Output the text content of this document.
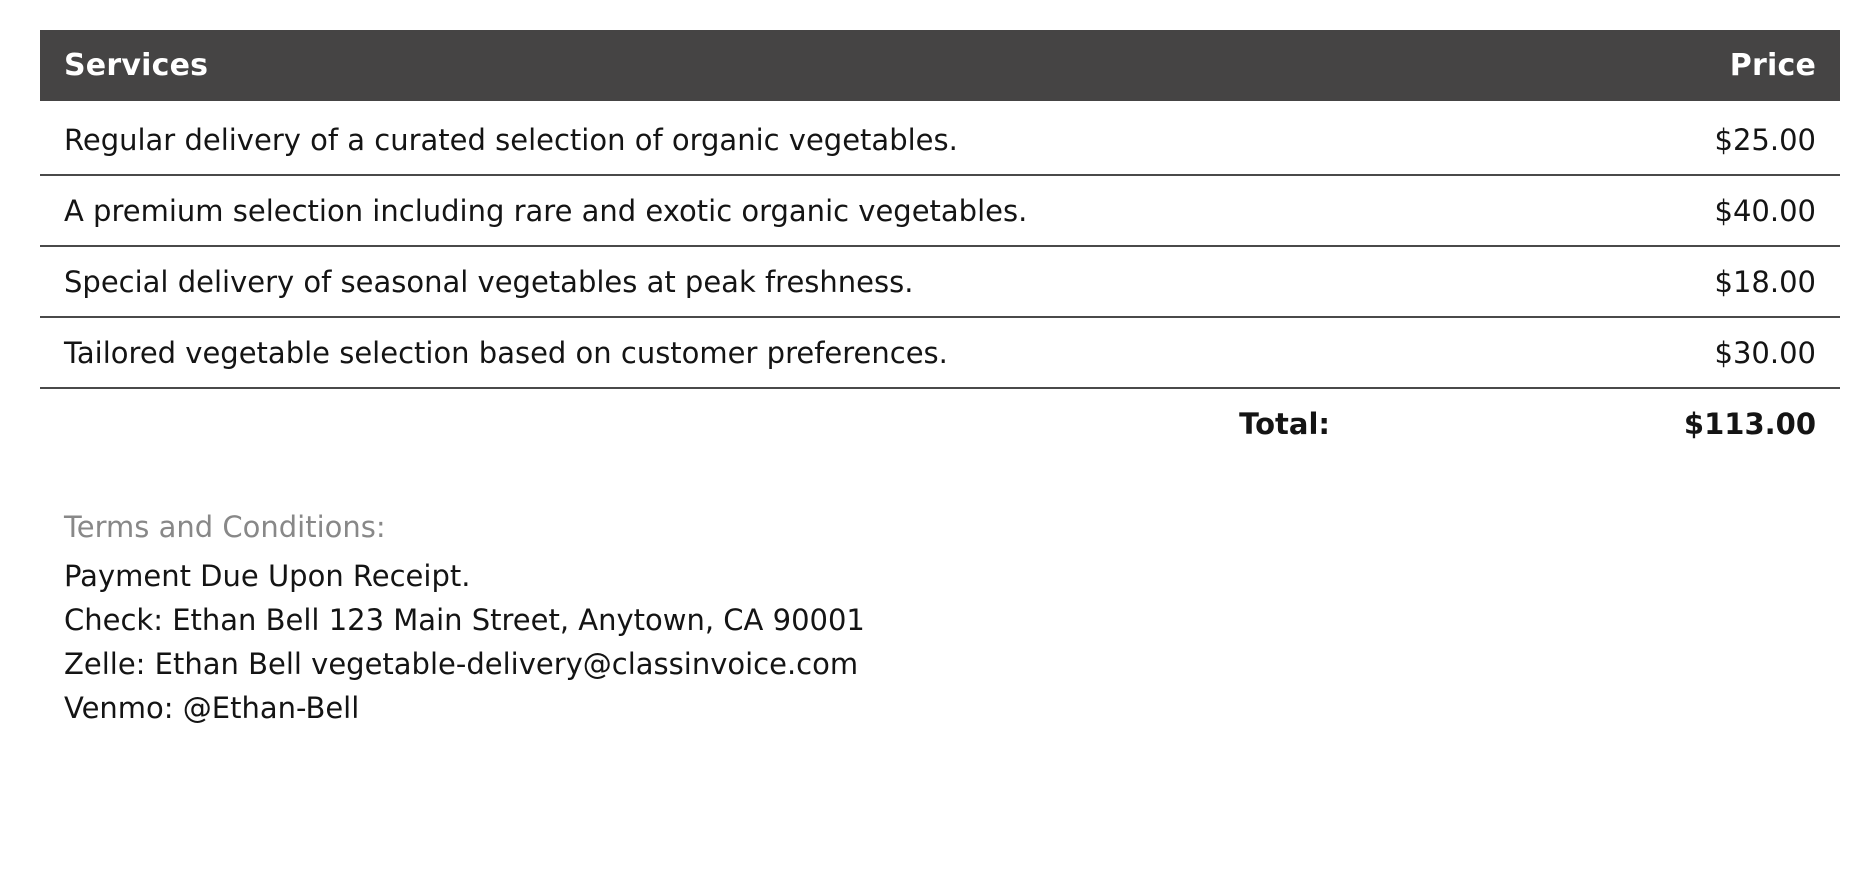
Services	Price
Regular delivery of a curated selection of organic vegetables.	$25.00
A premium selection including rare and exotic organic vegetables.	$40.00
Special delivery of seasonal vegetables at peak freshness.	$18.00
Tailored vegetable selection based on customer preferences.	$30.00
Total:	$113.00
Terms and Conditions:
Payment Due Upon Receipt.
Check: Ethan Bell 123 Main Street, Anytown, CA 90001
Zelle: Ethan Bell vegetable-delivery@classinvoice.com
Venmo: @Ethan-Bell
